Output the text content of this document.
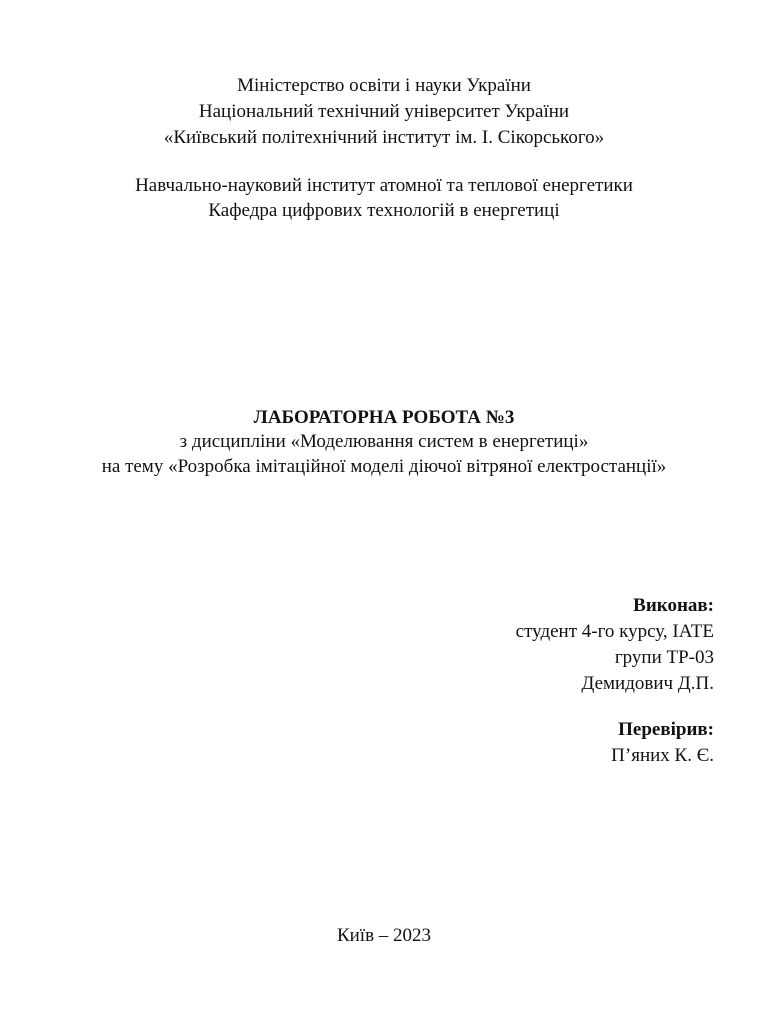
Міністерство освіти і науки України
Національний технічний університет України
«Київський політехнічний інститут ім. І. Сікорського»
Навчально-науковий інститут атомної та теплової енергетики
Кафедра цифрових технологій в енергетиці
ЛАБОРАТОРНА РОБОТА №3
з дисципліни «Моделювання систем в енергетиці»
на тему «Розробка імітаційної моделі діючої вітряної електростанції»
Виконав:
студент 4-го курсу, ІАТЕ
групи ТР-03
Демидович Д.П.
Перевірив:
П’яних К. Є.
Київ – 2023
